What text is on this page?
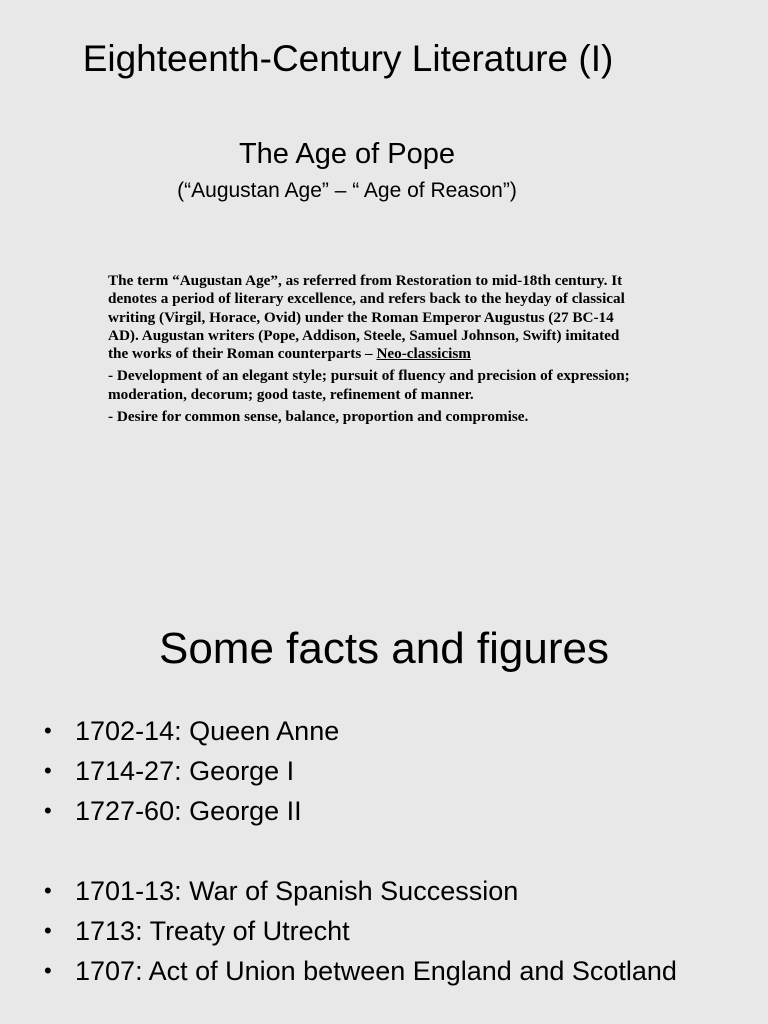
Eighteenth-Century Literature (I)
The Age of Pope
(“Augustan Age” – “ Age of Reason”)

The term “Augustan Age”, as referred from Restoration to mid-18th century. It denotes a period of literary excellence, and refers back to the heyday of classical writing (Virgil, Horace, Ovid) under the Roman Emperor Augustus (27 BC-14 AD). Augustan writers (Pope, Addison, Steele, Samuel Johnson, Swift) imitated the works of their Roman counterparts – Neo-classicism

- Development of an elegant style; pursuit of fluency and precision of expression; moderation, decorum; good taste, refinement of manner.

- Desire for common sense, balance, proportion and compromise.

Some facts and figures
• 1702-14: Queen Anne
• 1714-27: George I
• 1727-60: George II
• 1701-13: War of Spanish Succession
• 1713: Treaty of Utrecht
• 1707: Act of Union between England and Scotland
